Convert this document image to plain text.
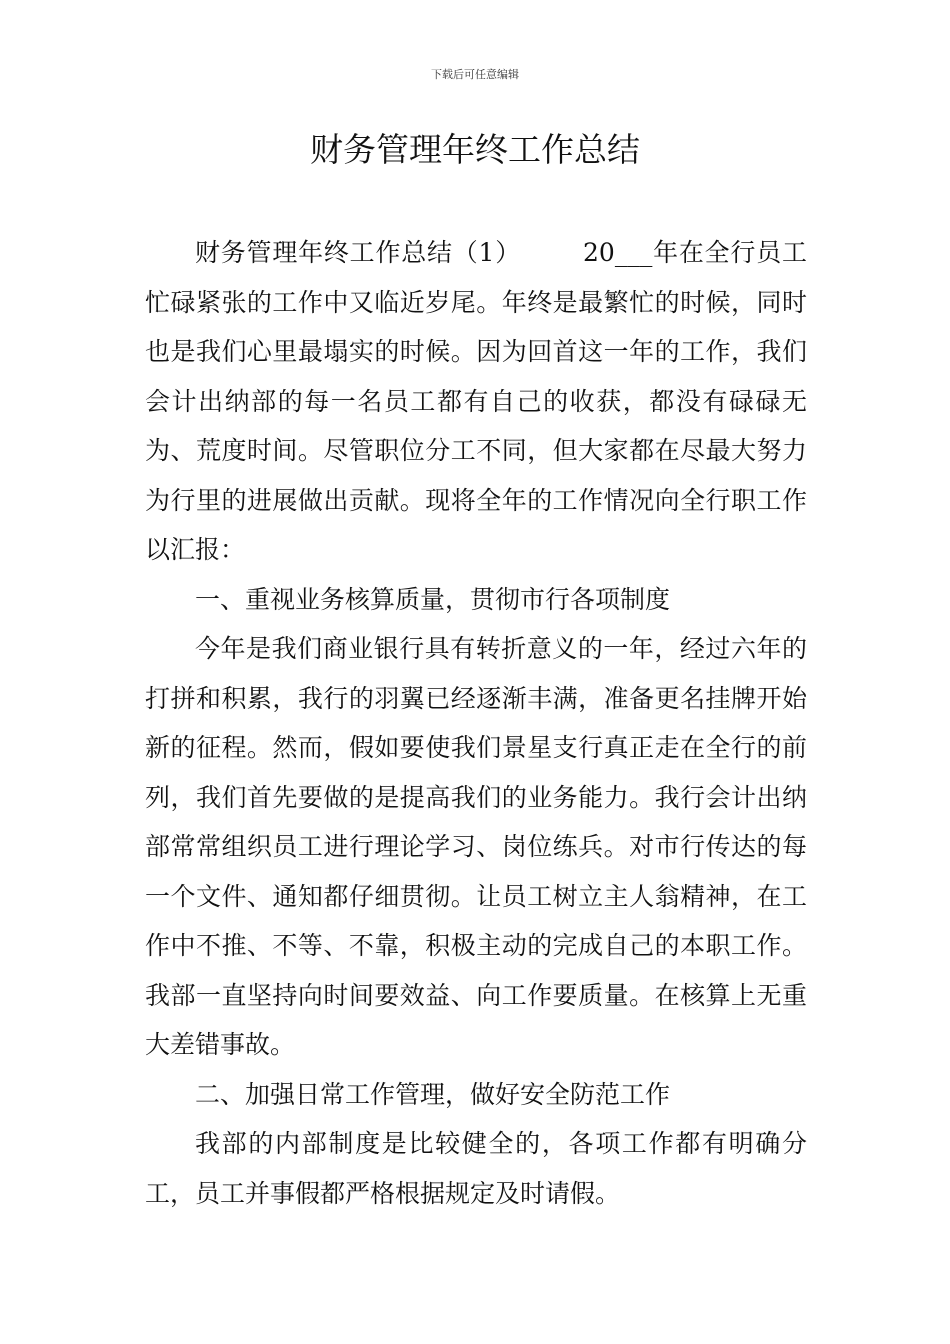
下载后可任意编辑
财务管理年终工作总结

财务管理年终工作总结（1） 20___年在全行员工忙碌紧张的工作中又临近岁尾。年终是最繁忙的时候，同时也是我们心里最塌实的时候。因为回首这一年的工作，我们会计出纳部的每一名员工都有自己的收获，都没有碌碌无为、荒度时间。尽管职位分工不同，但大家都在尽最大努力为行里的进展做出贡献。现将全年的工作情况向全行职工作以汇报：

一、重视业务核算质量，贯彻市行各项制度

今年是我们商业银行具有转折意义的一年，经过六年的打拼和积累，我行的羽翼已经逐渐丰满，准备更名挂牌开始新的征程。然而，假如要使我们景星支行真正走在全行的前列，我们首先要做的是提高我们的业务能力。我行会计出纳部常常组织员工进行理论学习、岗位练兵。对市行传达的每一个文件、通知都仔细贯彻。让员工树立主人翁精神，在工作中不推、不等、不靠，积极主动的完成自己的本职工作。我部一直坚持向时间要效益、向工作要质量。在核算上无重大差错事故。

二、加强日常工作管理，做好安全防范工作

我部的内部制度是比较健全的，各项工作都有明确分工，员工并事假都严格根据规定及时请假。
